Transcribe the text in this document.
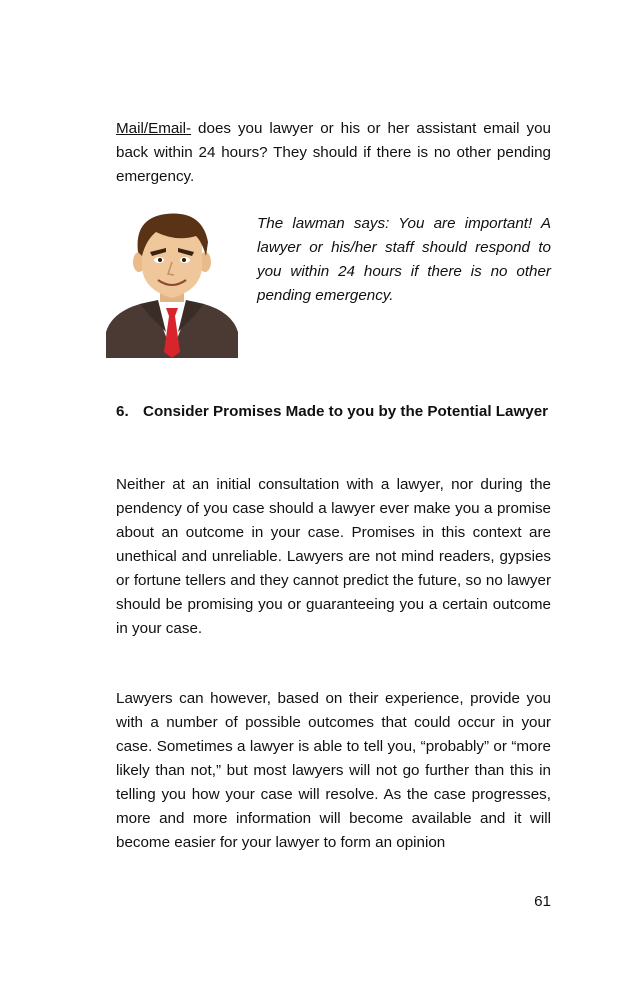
Mail/Email- does you lawyer or his or her assistant email you back within 24 hours? They should if there is no other pending emergency.

The lawman says: You are important! A lawyer or his/her staff should respond to you within 24 hours if there is no other pending emergency.

6. Consider Promises Made to you by the Potential Lawyer

Neither at an initial consultation with a lawyer, nor during the pendency of you case should a lawyer ever make you a promise about an outcome in your case. Promises in this context are unethical and unreliable. Lawyers are not mind readers, gypsies or fortune tellers and they cannot predict the future, so no lawyer should be promising you or guaranteeing you a certain outcome in your case.

Lawyers can however, based on their experience, provide you with a number of possible outcomes that could occur in your case. Sometimes a lawyer is able to tell you, “probably” or “more likely than not,” but most lawyers will not go further than this in telling you how your case will resolve. As the case progresses, more and more information will become available and it will become easier for your lawyer to form an opinion

61
